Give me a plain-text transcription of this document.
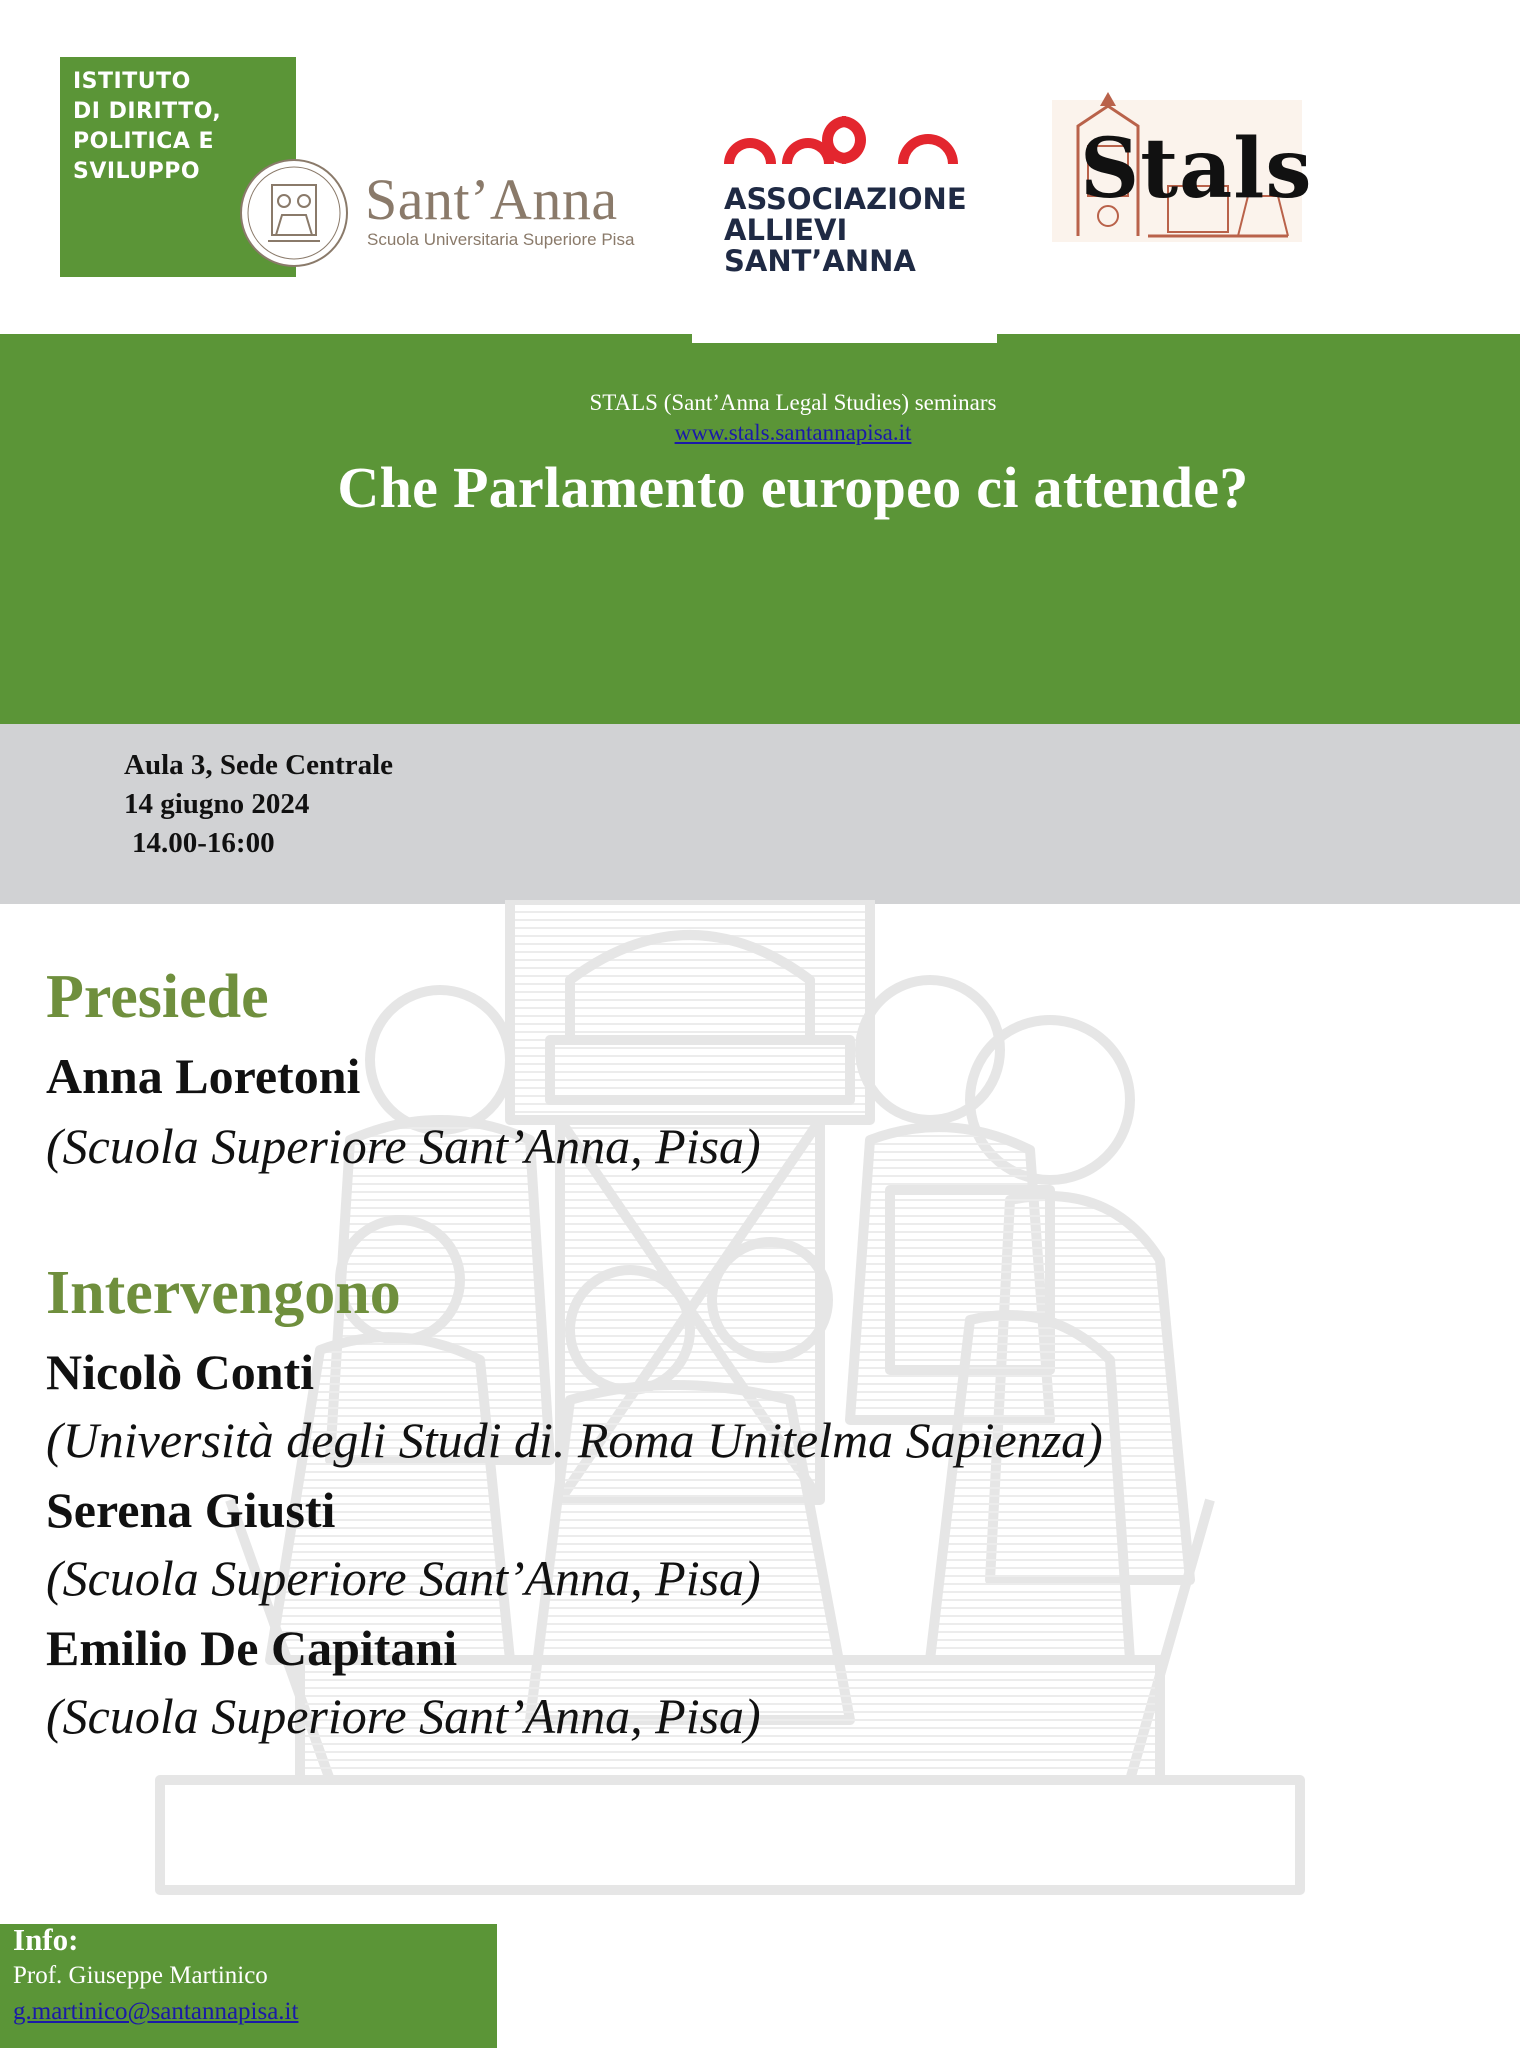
ISTITUTO
DI DIRITTO,
POLITICA E
SVILUPPO	Sant’Anna
Scuola Universitaria Superiore Pisa
ASSOCIAZIONE
ALLIEVI
SANT’ANNA
Stals
STALS (Sant’Anna Legal Studies) seminars
www.stals.santannapisa.it
Che Parlamento europeo ci attende?
Aula 3, Sede Centrale
14 giugno 2024
14.00-16:00
Presiede
Anna Loretoni
(Scuola Superiore Sant’Anna, Pisa)
Intervengono
Nicolò Conti
(Università degli Studi di. Roma Unitelma Sapienza)
Serena Giusti
(Scuola Superiore Sant’Anna, Pisa)
Emilio De Capitani
(Scuola Superiore Sant’Anna, Pisa)
Info:
Prof. Giuseppe Martinico
g.martinico@santannapisa.it
